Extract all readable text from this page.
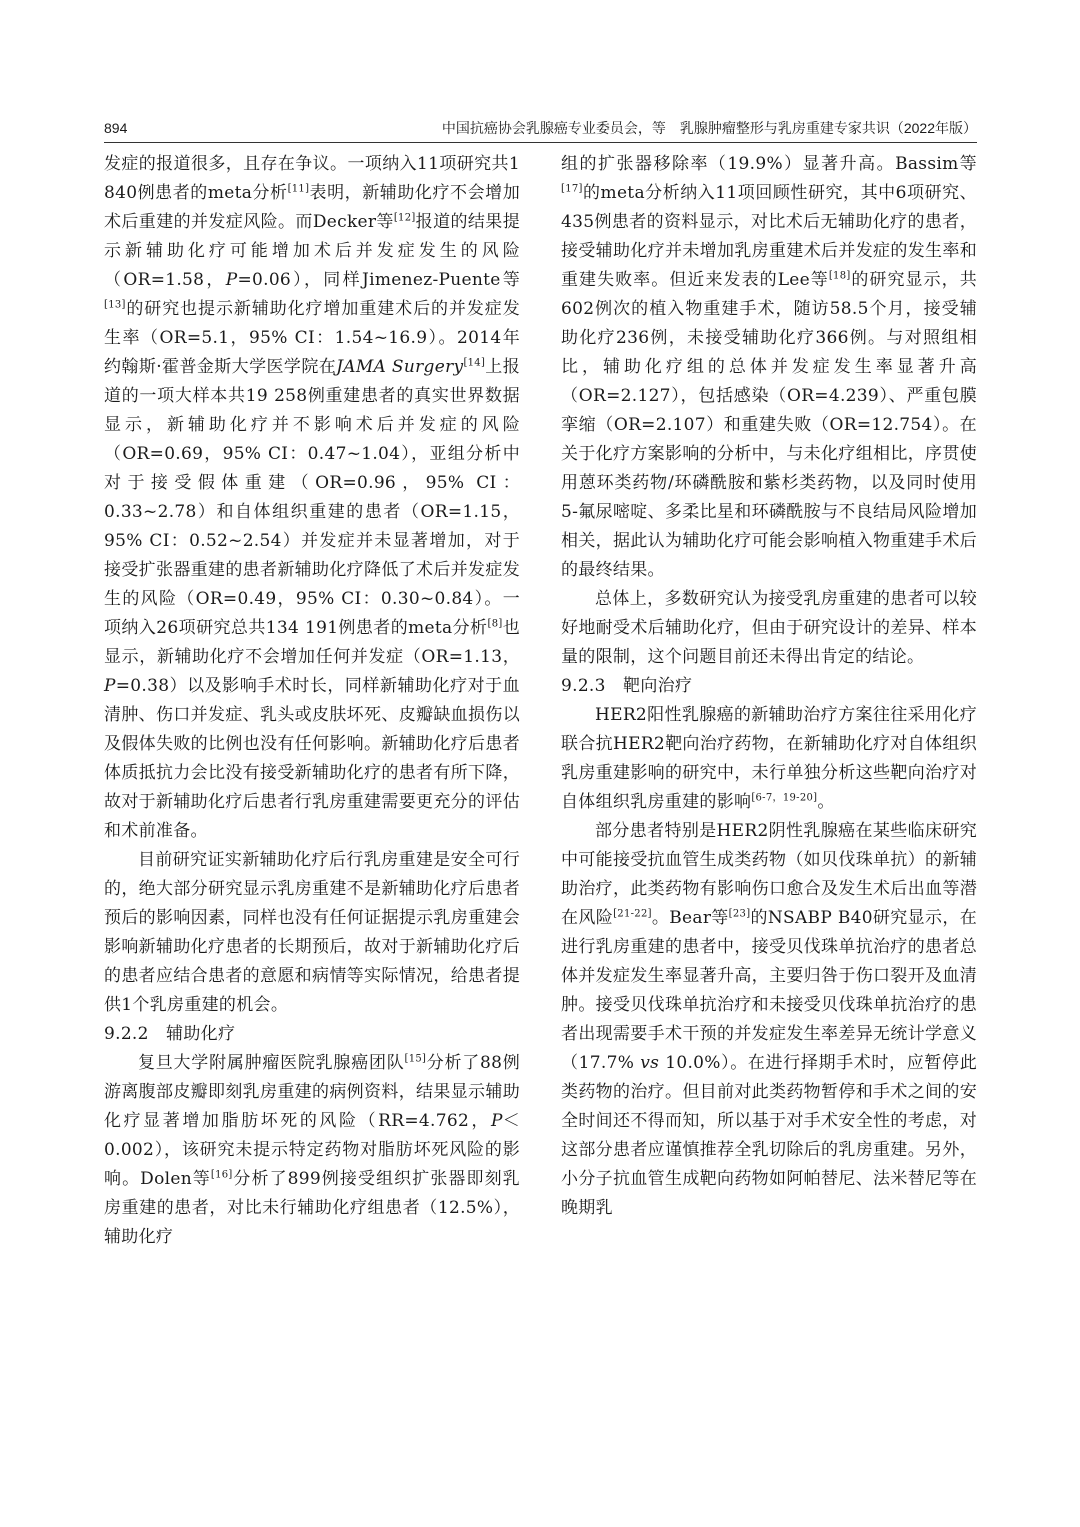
894	中国抗癌协会乳腺癌专业委员会，等　乳腺肿瘤整形与乳房重建专家共识（2022年版）

发症的报道很多，且存在争议。一项纳入11项研究共1 840例患者的meta分析 [ $^{11}$ ] 表明，新辅助化疗不会增加术后重建的并发症风险。而Decker等 [ $^{12}$ ] 报道的结果提示新辅助化疗可能增加术后并发症发生的风险（OR=1.58，P=0.06），同样Jimenez-Puente等[ $^{13}$ ] 的研究也提示新辅助化疗增加重建术后的并发症发生率（OR=5.1，95% CI：1.54~16.9）。2014年约翰斯·霍普金斯大学医学院在JAMA Surgery [ $^{14}$ ] 上报道的一项大样本共19 258例重建患者的真实世界数据显示，新辅助化疗并不影响术后并发症的风险（OR=0.69，95% CI：0.47~1.04），亚组分析中对于接受假体重建（OR=0.96，95% CI：0.33~2.78）和自体组织重建的患者（OR=1.15，95% CI：0.52~2.54）并发症并未显著增加，对于接受扩张器重建的患者新辅助化疗降低了术后并发症发生的风险（OR=0.49，95% CI：0.30~0.84）。一项纳入26项研究总共134 191例患者的meta分析 [ $^8$ ] 也显示，新辅助化疗不会增加任何并发症（OR=1.13，P=0.38）以及影响手术时长，同样新辅助化疗对于血清肿、伤口并发症、乳头或皮肤坏死、皮瓣缺血损伤以及假体失败的比例也没有任何影响。新辅助化疗后患者体质抵抗力会比没有接受新辅助化疗的患者有所下降，故对于新辅助化疗后患者行乳房重建需要更充分的评估和术前准备。

目前研究证实新辅助化疗后行乳房重建是安全可行的，绝大部分研究显示乳房重建不是新辅助化疗后患者预后的影响因素，同样也没有任何证据提示乳房重建会影响新辅助化疗患者的长期预后，故对于新辅助化疗后的患者应结合患者的意愿和病情等实际情况，给患者提供1个乳房重建的机会。

9.2.2　辅助化疗

复旦大学附属肿瘤医院乳腺癌团队 [ $^{15}$ ] 分析了88例游离腹部皮瓣即刻乳房重建的病例资料，结果显示辅助化疗显著增加脂肪坏死的风险（RR=4.762，P＜0.002），该研究未提示特定药物对脂肪坏死风险的影响。Dolen等 [ $^{16}$ ] 分析了899例接受组织扩张器即刻乳房重建的患者，对比未行辅助化疗组患者（12.5%），辅助化疗

组的扩张器移除率（19.9%）显著升高。Bassim等[ $^{17}$ ] 的meta分析纳入11项回顾性研究，其中6项研究、435例患者的资料显示，对比术后无辅助化疗的患者，接受辅助化疗并未增加乳房重建术后并发症的发生率和重建失败率。但近来发表的Lee等 [ $^{18}$ ] 的研究显示，共602例次的植入物重建手术，随访58.5个月，接受辅助化疗236例，未接受辅助化疗366例。与对照组相比，辅助化疗组的总体并发症发生率显著升高（OR=2.127），包括感染（OR=4.239）、严重包膜挛缩（OR=2.107）和重建失败（OR=12.754）。在关于化疗方案影响的分析中，与未化疗组相比，序贯使用蒽环类药物/环磷酰胺和紫杉类药物，以及同时使用5-氟尿嘧啶、多柔比星和环磷酰胺与不良结局风险增加相关，据此认为辅助化疗可能会影响植入物重建手术后的最终结果。

总体上，多数研究认为接受乳房重建的患者可以较好地耐受术后辅助化疗，但由于研究设计的差异、样本量的限制，这个问题目前还未得出肯定的结论。

9.2.3　靶向治疗

HER2阳性乳腺癌的新辅助治疗方案往往采用化疗联合抗HER2靶向治疗药物，在新辅助化疗对自体组织乳房重建影响的研究中，未行单独分析这些靶向治疗对自体组织乳房重建的影响 [ $^{6-7,19-20}$ ] 。

部分患者特别是HER2阴性乳腺癌在某些临床研究中可能接受抗血管生成类药物（如贝伐珠单抗）的新辅助治疗，此类药物有影响伤口愈合及发生术后出血等潜在风险 [ $^{21-22}$ ] 。Bear等 [ $^{23}$ ] 的NSABP B40研究显示，在进行乳房重建的患者中，接受贝伐珠单抗治疗的患者总体并发症发生率显著升高，主要归咎于伤口裂开及血清肿。接受贝伐珠单抗治疗和未接受贝伐珠单抗治疗的患者出现需要手术干预的并发症发生率差异无统计学意义（17.7% vs 10.0%）。在进行择期手术时，应暂停此类药物的治疗。但目前对此类药物暂停和手术之间的安全时间还不得而知，所以基于对手术安全性的考虑，对这部分患者应谨慎推荐全乳切除后的乳房重建。另外，小分子抗血管生成靶向药物如阿帕替尼、法米替尼等在晚期乳
